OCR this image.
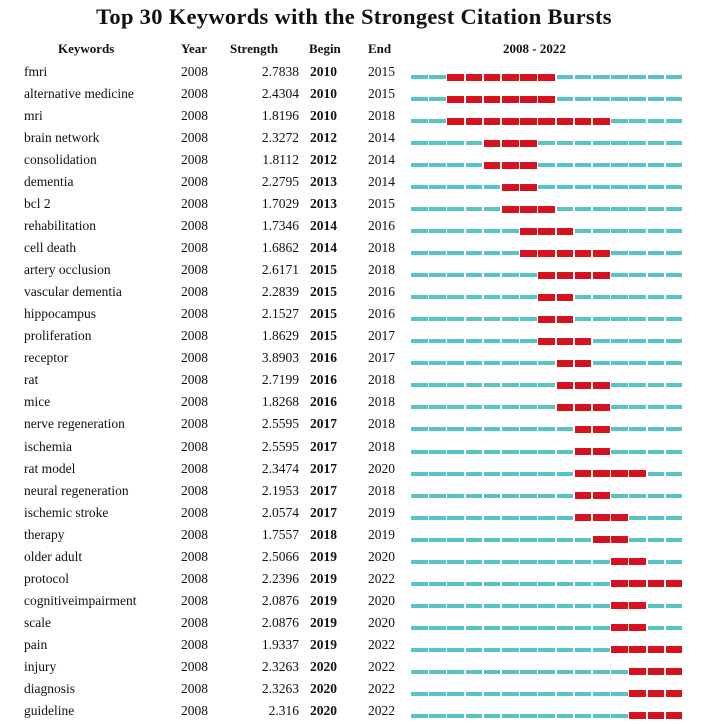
Top 30 Keywords with the Strongest Citation Bursts
Keywords	Year Strength Begin End	2008 - 2022
fmri	2008	2.7838 2010 2015
alternative medicine	2008	2.4304 2010 2015
mri	2008	1.8196 2010 2018
brain network	2008	2.3272 2012 2014
consolidation	2008	1.8112 2012 2014
dementia	2008	2.2795 2013 2014
bcl 2	2008	1.7029 2013 2015
rehabilitation	2008	1.7346 2014 2016
cell death	2008	1.6862 2014 2018
artery occlusion	2008	2.6171 2015 2018
vascular dementia	2008	2.2839 2015 2016
hippocampus	2008	2.1527 2015 2016
proliferation	2008	1.8629 2015 2017
receptor	2008	3.8903 2016 2017
rat	2008	2.7199 2016 2018
mice	2008	1.8268 2016 2018
nerve regeneration	2008	2.5595 2017 2018
ischemia	2008	2.5595 2017 2018
rat model	2008	2.3474 2017 2020
neural regeneration	2008	2.1953 2017 2018
ischemic stroke	2008	2.0574 2017 2019
therapy	2008	1.7557 2018 2019
older adult	2008	2.5066 2019 2020
protocol	2008	2.2396 2019 2022
cognitiveimpairment	2008	2.0876 2019 2020
scale	2008	2.0876 2019 2020
pain	2008	1.9337 2019 2022
injury	2008	2.3263 2020 2022
diagnosis	2008	2.3263 2020 2022
guideline	2008	2.316 2020 2022
